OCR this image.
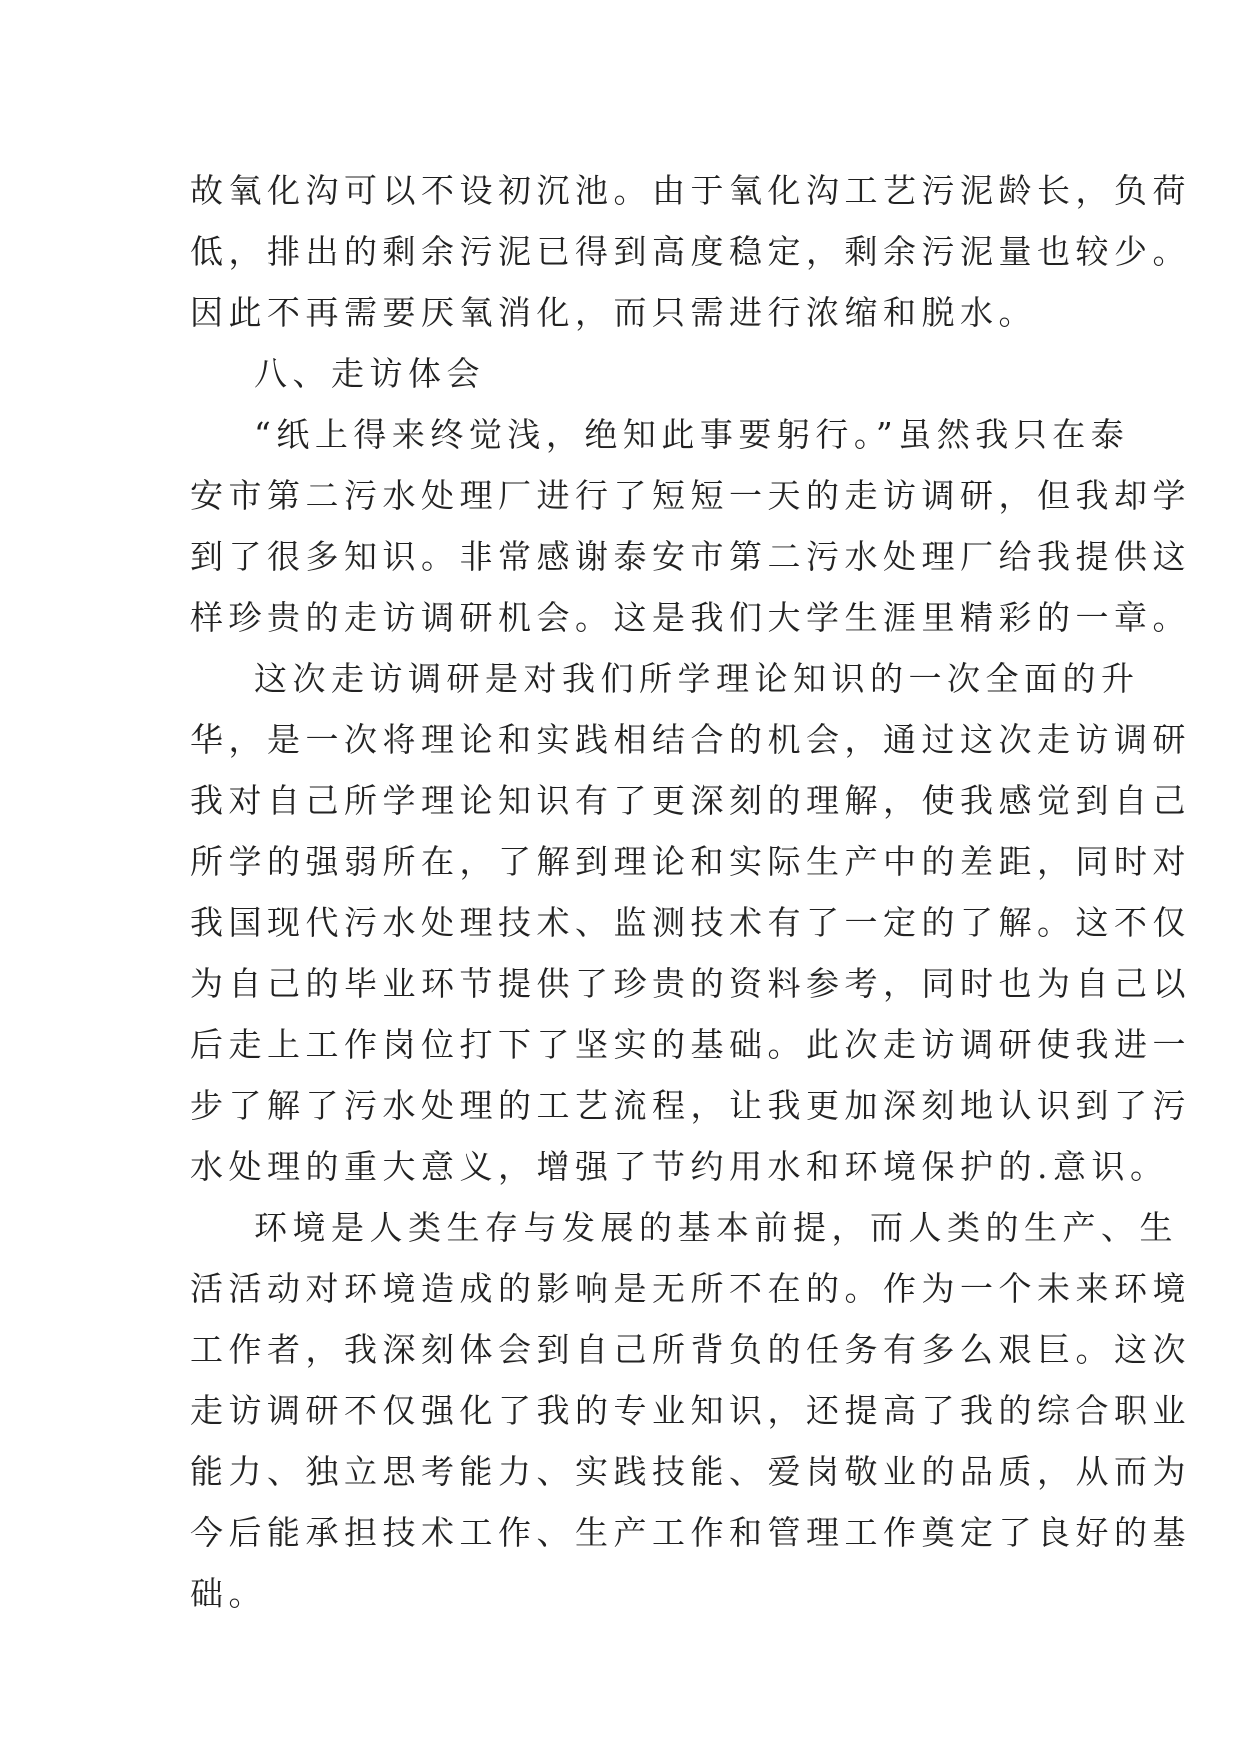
故氧化沟可以不设初沉池。由于氧化沟工艺污泥龄长，负荷
低，排出的剩余污泥已得到高度稳定，剩余污泥量也较少。
因此不再需要厌氧消化，而只需进行浓缩和脱水。
八、走访体会
“纸上得来终觉浅，绝知此事要躬行。”虽然我只在泰
安市第二污水处理厂进行了短短一天的走访调研，但我却学
到了很多知识。非常感谢泰安市第二污水处理厂给我提供这
样珍贵的走访调研机会。这是我们大学生涯里精彩的一章。
这次走访调研是对我们所学理论知识的一次全面的升
华，是一次将理论和实践相结合的机会，通过这次走访调研
我对自己所学理论知识有了更深刻的理解，使我感觉到自己
所学的强弱所在，了解到理论和实际生产中的差距，同时对
我国现代污水处理技术、监测技术有了一定的了解。这不仅
为自己的毕业环节提供了珍贵的资料参考，同时也为自己以
后走上工作岗位打下了坚实的基础。此次走访调研使我进一
步了解了污水处理的工艺流程，让我更加深刻地认识到了污
水处理的重大意义，增强了节约用水和环境保护的.意识。
环境是人类生存与发展的基本前提，而人类的生产、生
活活动对环境造成的影响是无所不在的。作为一个未来环境
工作者，我深刻体会到自己所背负的任务有多么艰巨。这次
走访调研不仅强化了我的专业知识，还提高了我的综合职业
能力、独立思考能力、实践技能、爱岗敬业的品质，从而为
今后能承担技术工作、生产工作和管理工作奠定了良好的基
础。
